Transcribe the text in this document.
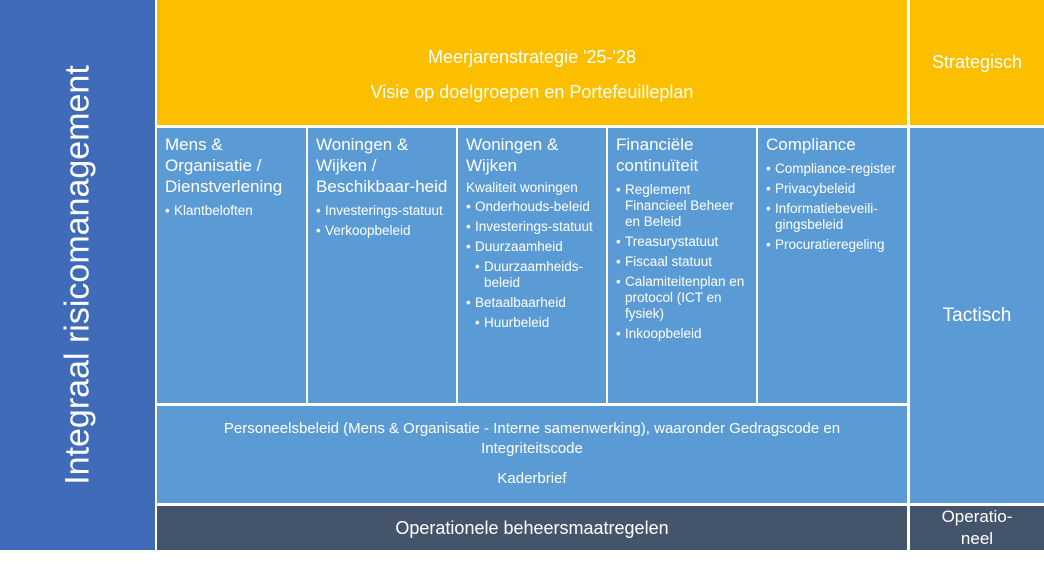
Integraal risicomanagement
Meerjarenstrategie '25-'28
Visie op doelgroepen en Portefeuilleplan
Strategisch
Mens & Organisatie / Dienstverlening
• Klantbeloften
Woningen & Wijken / Beschikbaar-heid
• Investerings-statuut
• Verkoopbeleid
Woningen & Wijken
Kwaliteit woningen
• Onderhouds-beleid
• Investerings-statuut
• Duurzaamheid
• Duurzaamheids-beleid
• Betaalbaarheid
• Huurbeleid
Financiële continuïteit
• Reglement Financieel Beheer en Beleid
• Treasurystatuut
• Fiscaal statuut
• Calamiteitenplan en protocol (ICT en fysiek)
• Inkoopbeleid
Compliance
• Compliance-register
• Privacybeleid
• Informatiebeveili-gingsbeleid
• Procuratieregeling
Tactisch
Personeelsbeleid (Mens & Organisatie - Interne samenwerking), waaronder Gedragscode en Integriteitscode
Kaderbrief
Operationele beheersmaatregelen
Operatio-
neel
